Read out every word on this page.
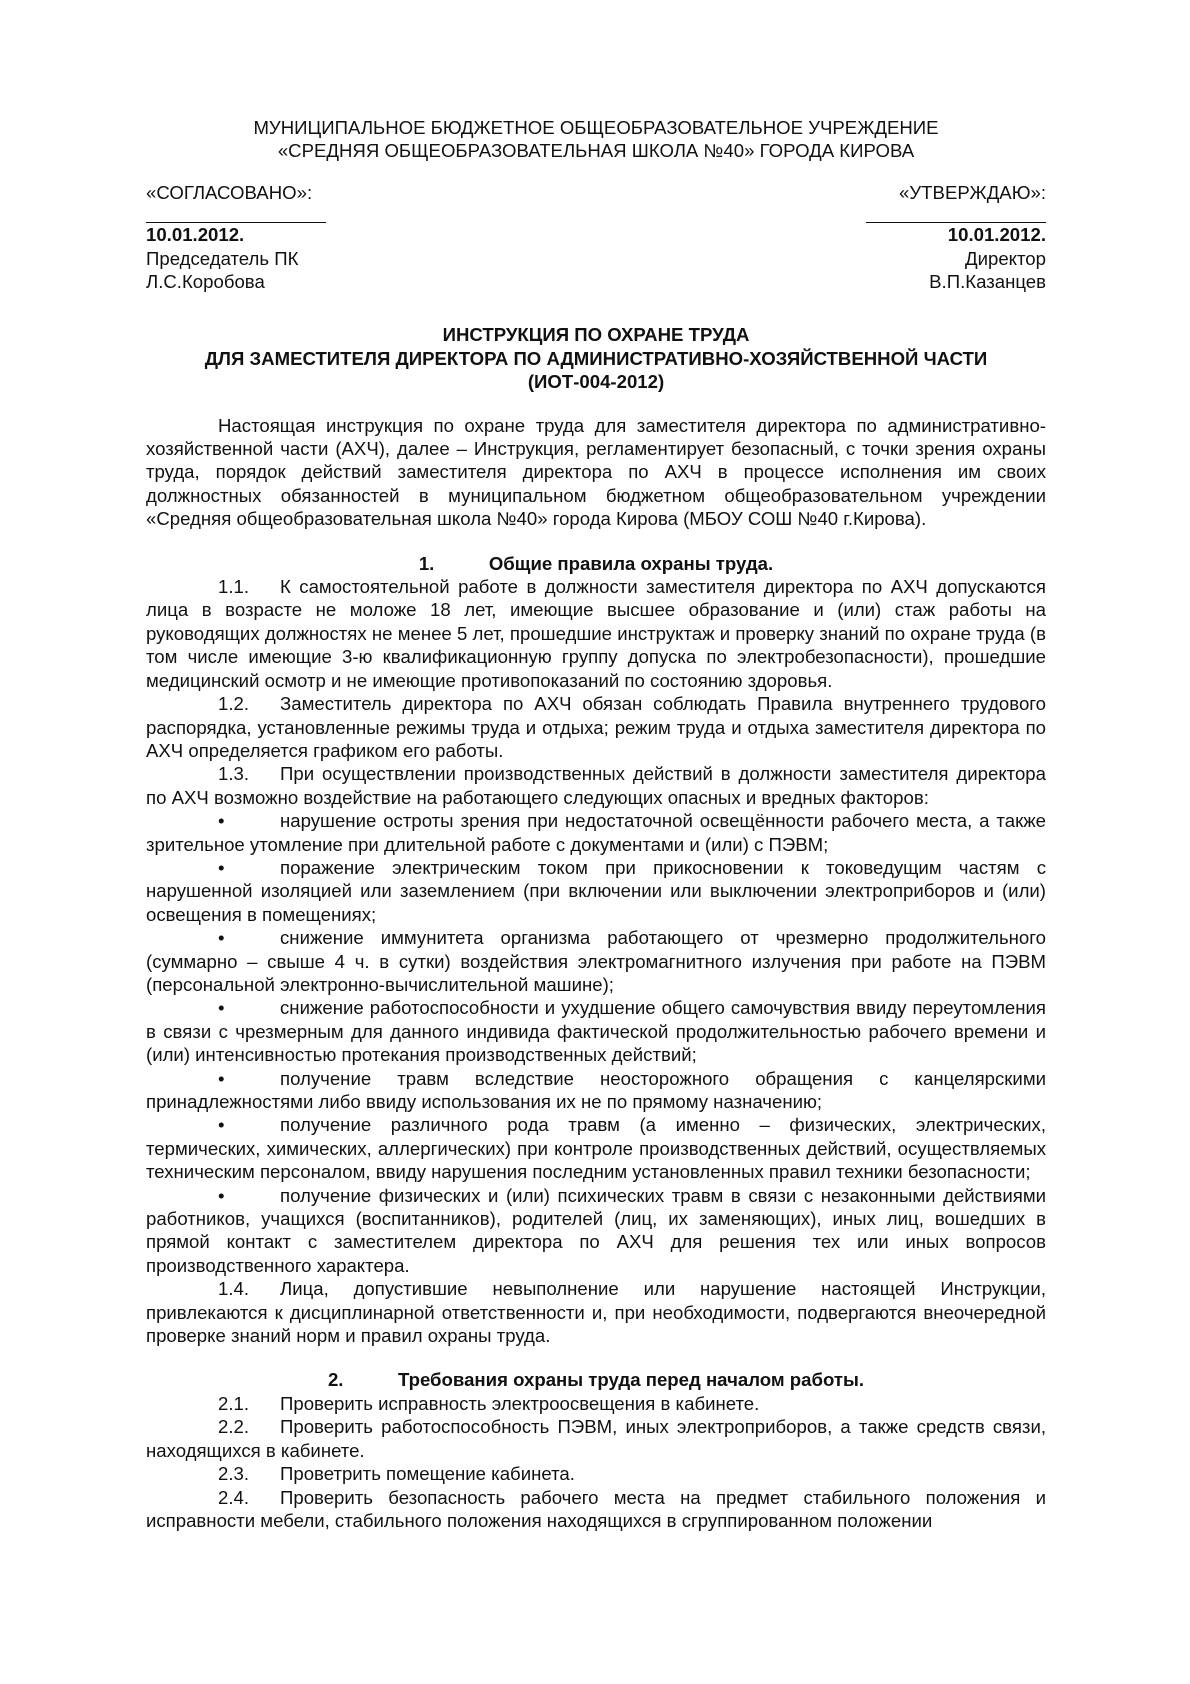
МУНИЦИПАЛЬНОЕ БЮДЖЕТНОЕ ОБЩЕОБРАЗОВАТЕЛЬНОЕ УЧРЕЖДЕНИЕ
«СРЕДНЯЯ ОБЩЕОБРАЗОВАТЕЛЬНАЯ ШКОЛА №40» ГОРОДА КИРОВА
«СОГЛАСОВАНО»:
10.01.2012.
Председатель ПК
Л.С.Коробова
«УТВЕРЖДАЮ»:
10.01.2012.
Директор
В.П.Казанцев
ИНСТРУКЦИЯ ПО ОХРАНЕ ТРУДА
ДЛЯ ЗАМЕСТИТЕЛЯ ДИРЕКТОРА ПО АДМИНИСТРАТИВНО-ХОЗЯЙСТВЕННОЙ ЧАСТИ
(ИОТ-004-2012)
Настоящая инструкция по охране труда для заместителя директора по административно-хозяйственной части (АХЧ), далее – Инструкция, регламентирует безопасный, с точки зрения охраны труда, порядок действий заместителя директора по АХЧ в процессе исполнения им своих должностных обязанностей в муниципальном бюджетном общеобразовательном учреждении «Средняя общеобразовательная школа №40» города Кирова (МБОУ СОШ №40 г.Кирова).
1.	Общие правила охраны труда.
1.1. К самостоятельной работе в должности заместителя директора по АХЧ допускаются лица в возрасте не моложе 18 лет, имеющие высшее образование и (или) стаж работы на руководящих должностях не менее 5 лет, прошедшие инструктаж и проверку знаний по охране труда (в том числе имеющие 3-ю квалификационную группу допуска по электробезопасности), прошедшие медицинский осмотр и не имеющие противопоказаний по состоянию здоровья.
1.2. Заместитель директора по АХЧ обязан соблюдать Правила внутреннего трудового распорядка, установленные режимы труда и отдыха; режим труда и отдыха заместителя директора по АХЧ определяется графиком его работы.
1.3. При осуществлении производственных действий в должности заместителя директора по АХЧ возможно воздействие на работающего следующих опасных и вредных факторов:
•	нарушение остроты зрения при недостаточной освещённости рабочего места, а также зрительное утомление при длительной работе с документами и (или) с ПЭВМ;
•	поражение электрическим током при прикосновении к токоведущим частям с нарушенной изоляцией или заземлением (при включении или выключении электроприборов и (или) освещения в помещениях;
•	снижение иммунитета организма работающего от чрезмерно продолжительного (суммарно – свыше 4 ч. в сутки) воздействия электромагнитного излучения при работе на ПЭВМ (персональной электронно-вычислительной машине);
•	снижение работоспособности и ухудшение общего самочувствия ввиду переутомления в связи с чрезмерным для данного индивида фактической продолжительностью рабочего времени и (или) интенсивностью протекания производственных действий;
•	получение травм вследствие неосторожного обращения с канцелярскими принадлежностями либо ввиду использования их не по прямому назначению;
•	получение различного рода травм (а именно – физических, электрических, термических, химических, аллергических) при контроле производственных действий, осуществляемых техническим персоналом, ввиду нарушения последним установленных правил техники безопасности;
•	получение физических и (или) психических травм в связи с незаконными действиями работников, учащихся (воспитанников), родителей (лиц, их заменяющих), иных лиц, вошедших в прямой контакт с заместителем директора по АХЧ для решения тех или иных вопросов производственного характера.
1.4. Лица, допустившие невыполнение или нарушение настоящей Инструкции, привлекаются к дисциплинарной ответственности и, при необходимости, подвергаются внеочередной проверке знаний норм и правил охраны труда.
2.	Требования охраны труда перед началом работы.
2.1. Проверить исправность электроосвещения в кабинете.
2.2. Проверить работоспособность ПЭВМ, иных электроприборов, а также средств связи, находящихся в кабинете.
2.3. Проветрить помещение кабинета.
2.4. Проверить безопасность рабочего места на предмет стабильного положения и исправности мебели, стабильного положения находящихся в сгруппированном положении
